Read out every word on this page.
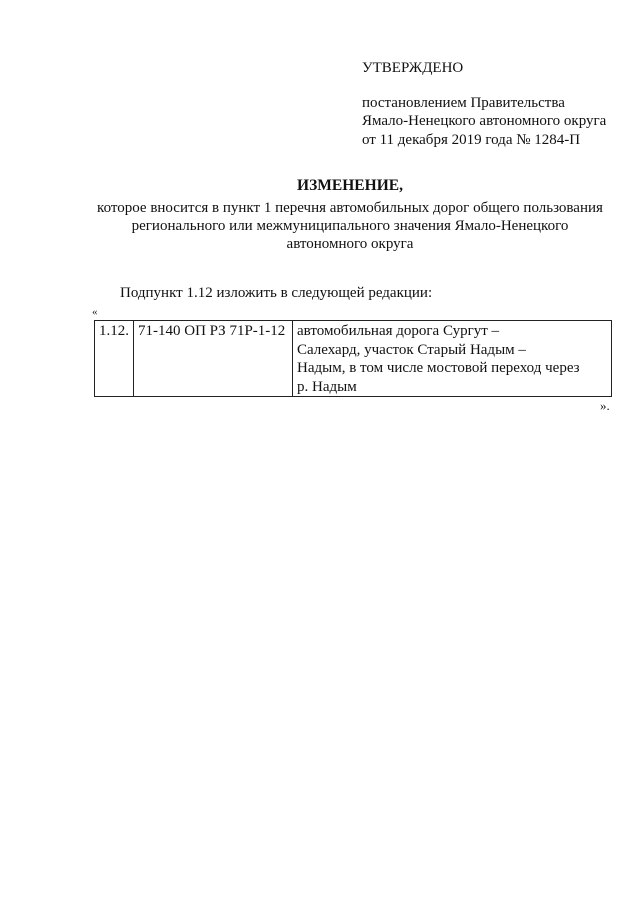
УТВЕРЖДЕНО
постановлением Правительства
Ямало-Ненецкого автономного округа
от 11 декабря 2019 года № 1284-П
ИЗМЕНЕНИЕ,
которое вносится в пункт 1 перечня автомобильных дорог общего пользования
регионального или межмуниципального значения Ямало-Ненецкого
автономного округа
Подпункт 1.12 изложить в следующей редакции:
«
1.12.	71-140 ОП РЗ 71Р-1-12	автомобильная дорога Сургут –
Салехард, участок Старый Надым –
Надым, в том числе мостовой переход через
р. Надым
».
